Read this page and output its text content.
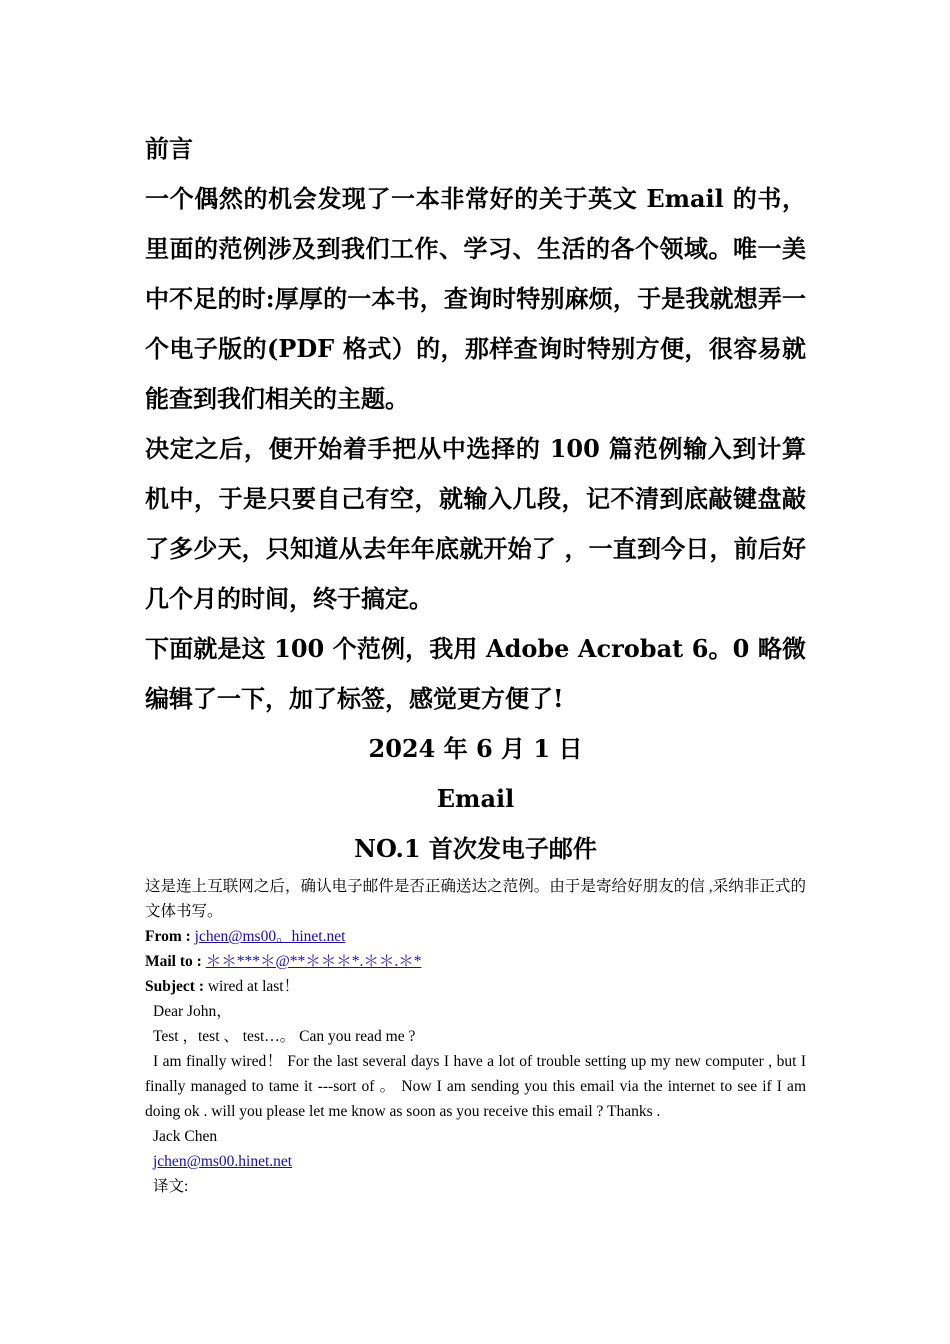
前言

一个偶然的机会发现了一本非常好的关于英文 Email 的书，里面的范例涉及到我们工作、学习、生活的各个领域。唯一美中不足的时:厚厚的一本书，查询时特别麻烦，于是我就想弄一个电子版的(PDF 格式）的，那样查询时特别方便，很容易就能查到我们相关的主题。

决定之后，便开始着手把从中选择的 100 篇范例输入到计算机中，于是只要自己有空，就输入几段，记不清到底敲键盘敲了多少天，只知道从去年年底就开始了 ，一直到今日，前后好几个月的时间，终于搞定。

下面就是这 100 个范例，我用 Adobe Acrobat 6。0 略微编辑了一下，加了标签，感觉更方便了!

2024 年 6 月 1 日

Email

NO.1 首次发电子邮件

这是连上互联网之后，确认电子邮件是否正确送达之范例。由于是寄给好朋友的信 ,采纳非正式的文体书写。

From : jchen@ms00。hinet.net

Mail to : ＊＊***＊@**＊＊＊*.＊＊.＊*

Subject : wired at last！

Dear John，

Test ，test 、 test…。 Can you read me ?

I am finally wired！ For the last several days I have a lot of trouble setting up my new computer , but I finally managed to tame it ---sort of 。 Now I am sending you this email via the internet to see if I am doing ok . will you please let me know as soon as you receive this email ? Thanks .

Jack Chen

jchen@ms00.hinet.net

译文:
